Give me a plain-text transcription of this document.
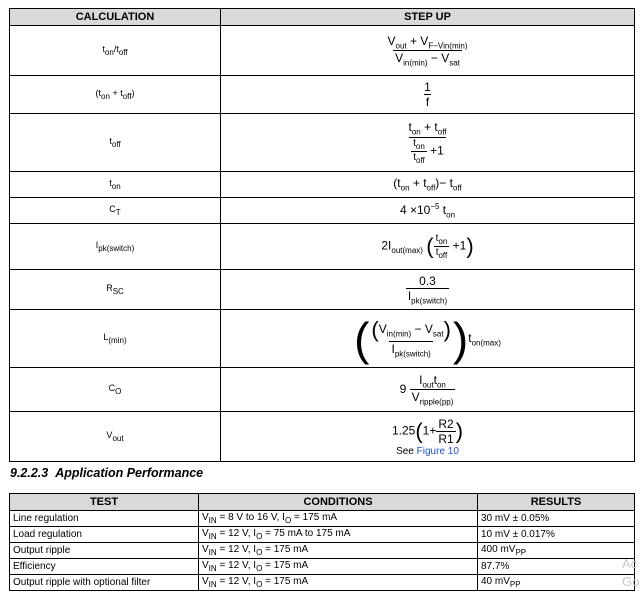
CALCULATION	STEP UP
$t_{on}/t_{off}$	$\frac{V_{out} + V_{F-Vin(min)}}{V_{in(min)} - V_{sat}}$

$(t_{on} + t_{off})$	$\frac{1}{f}$

$t_{off}$	$\frac{t_{on} + t_{off}}{\frac{t_{on}}{t_{off}} +1}$

$t_{on}$	$(t_{on} + t_{off})- t_{off}$
$C_T$	$4 \times 10^{-5}$ $t_{on}$
$I_{pk(switch)}$	$2I_{out(max)}$ ( $\frac{t_{on}}{t_{off}} +1$)
$R_{SC}$	$\frac{0.3}{I_{pk(switch)}}$

$L_{(min)}$	( $\frac{(V_{in(min)} - V_{sat})}{I_{pk(switch)}} )t_{on(max)}$
$C_O$	$9 \frac{I_{out}t_{on}}{V_{ripple(pp)}}$

$V_{out}$	$1.25(1+ \frac{R2}{R1}$ )
See Figure 10
9.2.2.3 Application Performance
TEST	CONDITIONS	RESULTS
Line regulation	$V_{IN} = 8$ V to 16 V, $I_O = 175$ mA	30 mV ± 0.05%
Load regulation	$V_{IN} = 12$ V, $I_O = 75$ mA to 175 mA	10 mV ± 0.017%
Output ripple	$V_{IN} = 12$ V, $I_O = 175$ mA	400 $mV_{PP}$
Efficiency	$V_{IN} = 12$ V, $I_O = 175$ mA	87.7%
Output ripple with optional filter	$V_{IN} = 12$ V, $I_O = 175$ mA	40 $mV_{PP}$
Ac
Go
